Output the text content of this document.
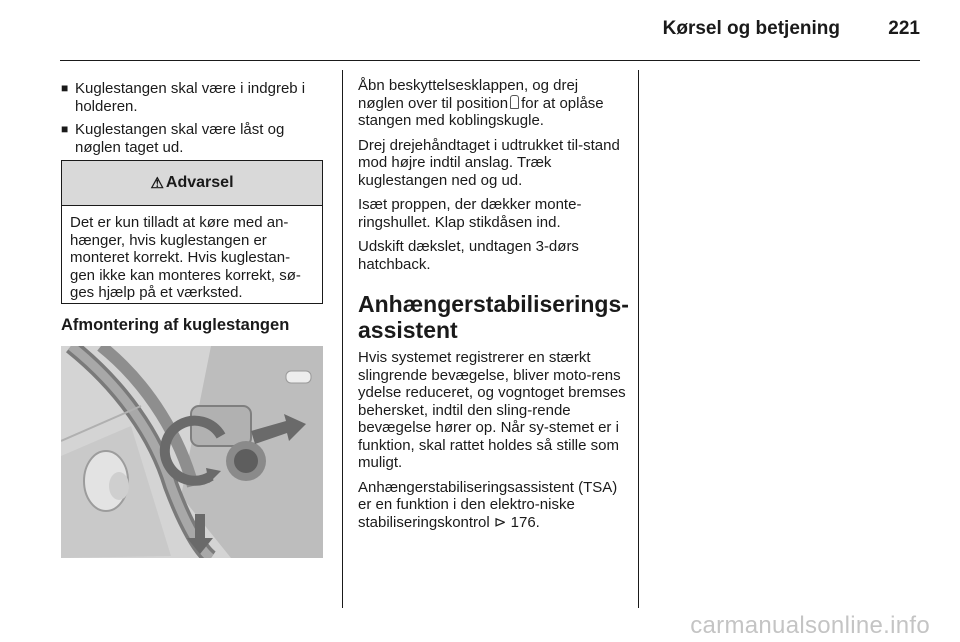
Kørsel og betjening	221
■ Kuglestangen skal være i indgreb i holderen.
■ Kuglestangen skal være låst og nøglen taget ud.
⚠ Advarsel
Det er kun tilladt at køre med an-hænger, hvis kuglestangen er monteret korrekt. Hvis kuglestan-gen ikke kan monteres korrekt, sø-ges hjælp på et værksted.
Afmontering af kuglestangen

Åbn beskyttelsesklappen, og drej nøglen over til position for at oplåse stangen med koblingskugle.

Drej drejehåndtaget i udtrukket til-stand mod højre indtil anslag. Træk kuglestangen ned og ud.

Isæt proppen, der dækker monte-ringshullet. Klap stikdåsen ind.

Udskift dækslet, undtagen 3-dørs hatchback.

Anhængerstabiliserings-assistent

Hvis systemet registrerer en stærkt slingrende bevægelse, bliver moto-rens ydelse reduceret, og vogntoget bremses behersket, indtil den sling-rende bevægelse hører op. Når sy-stemet er i funktion, skal rattet holdes så stille som muligt.

Anhængerstabiliseringsassistent (TSA) er en funktion i den elektro-niske stabiliseringskontrol ⊳ 176.

carmanualsonline.info
